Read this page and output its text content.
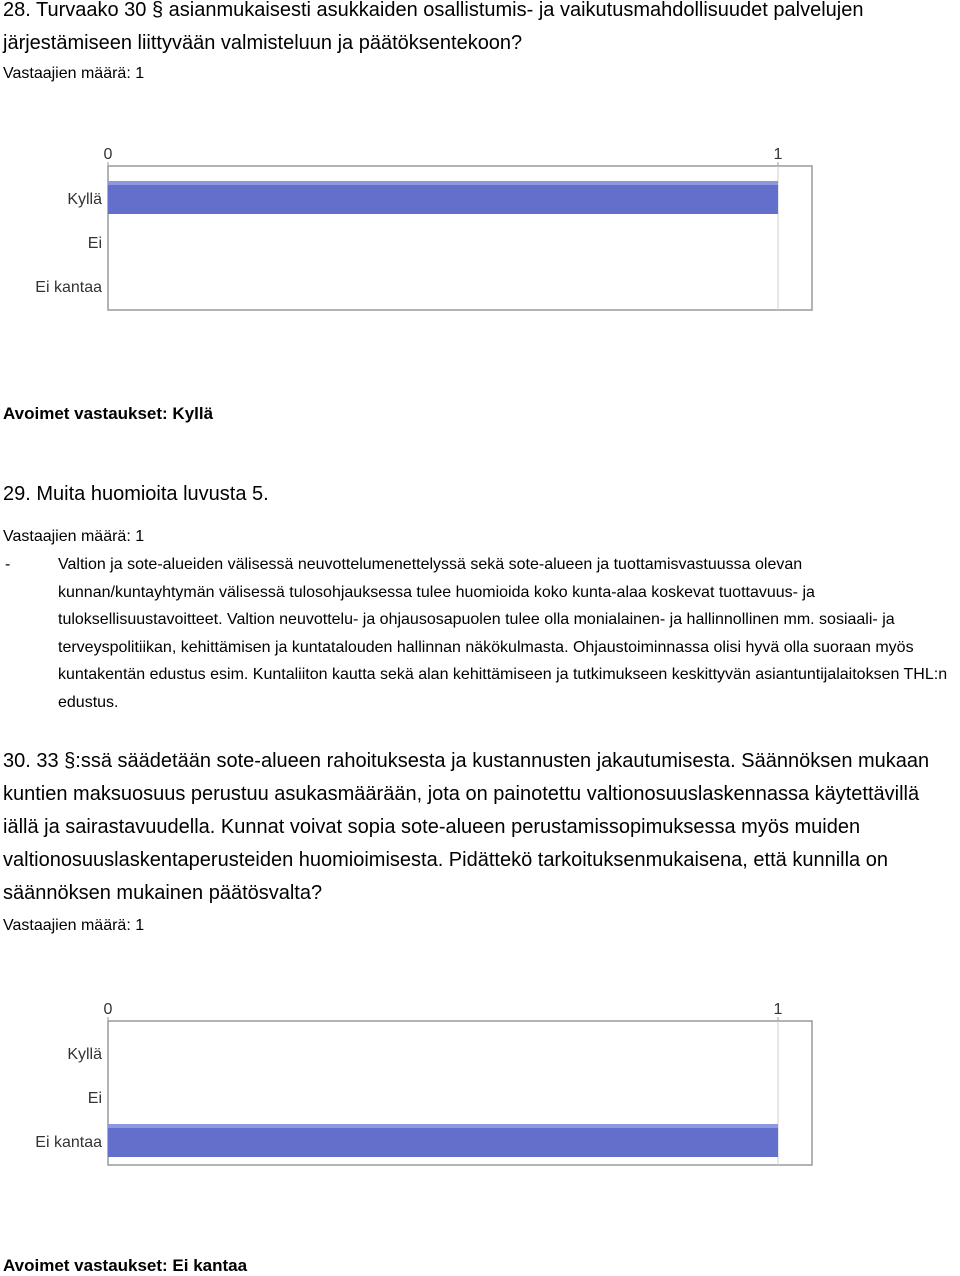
28. Turvaako 30 § asianmukaisesti asukkaiden osallistumis- ja vaikutusmahdollisuudet palvelujen järjestämiseen liittyvään valmisteluun ja päätöksentekoon?
Vastaajien määrä: 1
0	1
Kyllä
Ei
Ei kantaa
Avoimet vastaukset: Kyllä
29. Muita huomioita luvusta 5.
Vastaajien määrä: 1
-	Valtion ja sote-alueiden välisessä neuvottelumenettelyssä sekä sote-alueen ja tuottamisvastuussa olevan kunnan/kuntayhtymän välisessä tulosohjauksessa tulee huomioida koko kunta-alaa koskevat tuottavuus- ja tuloksellisuustavoitteet. Valtion neuvottelu- ja ohjausosapuolen tulee olla monialainen- ja hallinnollinen mm. sosiaali- ja terveyspolitiikan, kehittämisen ja kuntatalouden hallinnan näkökulmasta. Ohjaustoiminnassa olisi hyvä olla suoraan myös kuntakentän edustus esim. Kuntaliiton kautta sekä alan kehittämiseen ja tutkimukseen keskittyvän asiantuntijalaitoksen THL:n edustus.
30. 33 §:ssä säädetään sote-alueen rahoituksesta ja kustannusten jakautumisesta. Säännöksen mukaan kuntien maksuosuus perustuu asukasmäärään, jota on painotettu valtionosuuslaskennassa käytettävillä iällä ja sairastavuudella. Kunnat voivat sopia sote-alueen perustamissopimuksessa myös muiden valtionosuuslaskentaperusteiden huomioimisesta. Pidättekö tarkoituksenmukaisena, että kunnilla on säännöksen mukainen päätösvalta?
Vastaajien määrä: 1
0	1
Kyllä
Ei
Ei kantaa
Avoimet vastaukset: Ei kantaa
